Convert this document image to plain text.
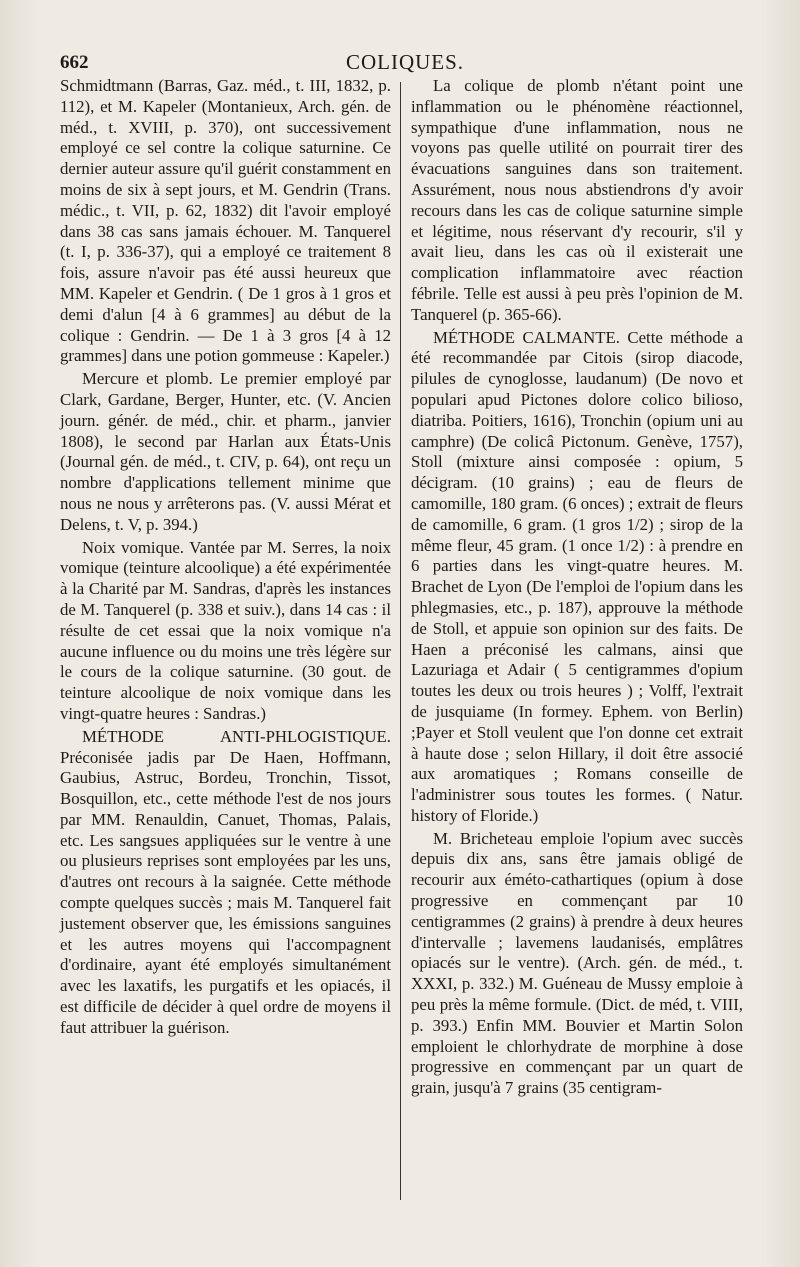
662	COLIQUES.

Schmidtmann (Barras, Gaz. méd., t. III, 1832, p. 112), et M. Kapeler (Montanieux, Arch. gén. de méd., t. XVIII, p. 370), ont successivement employé ce sel contre la colique saturnine. Ce dernier auteur assure qu'il guérit constamment en moins de six à sept jours, et M. Gendrin (Trans. médic., t. VII, p. 62, 1832) dit l'avoir employé dans 38 cas sans jamais échouer. M. Tanquerel (t. I, p. 336-37), qui a employé ce traitement 8 fois, assure n'avoir pas été aussi heureux que MM. Kapeler et Gendrin. ( De 1 gros à 1 gros et demi d'alun [4 à 6 grammes] au début de la colique : Gendrin. — De 1 à 3 gros [4 à 12 grammes] dans une potion gommeuse : Kapeler.)

Mercure et plomb. Le premier employé par Clark, Gardane, Berger, Hunter, etc. (V. Ancien journ. génér. de méd., chir. et pharm., janvier 1808), le second par Harlan aux États-Unis (Journal gén. de méd., t. CIV, p. 64), ont reçu un nombre d'applications tellement minime que nous ne nous y arrêterons pas. (V. aussi Mérat et Delens, t. V, p. 394.)

Noix vomique. Vantée par M. Serres, la noix vomique (teinture alcoolique) a été expérimentée à la Charité par M. Sandras, d'après les instances de M. Tanquerel (p. 338 et suiv.), dans 14 cas : il résulte de cet essai que la noix vomique n'a aucune influence ou du moins une très légère sur le cours de la colique saturnine. (30 gout. de teinture alcoolique de noix vomique dans les vingt-quatre heures : Sandras.)

MÉTHODE ANTI-PHLOGISTIQUE. Préconisée jadis par De Haen, Hoffmann, Gaubius, Astruc, Bordeu, Tronchin, Tissot, Bosquillon, etc., cette méthode l'est de nos jours par MM. Renauldin, Canuet, Thomas, Palais, etc. Les sangsues appliquées sur le ventre à une ou plusieurs reprises sont employées par les uns, d'autres ont recours à la saignée. Cette méthode compte quelques succès ; mais M. Tanquerel fait justement observer que, les émissions sanguines et les autres moyens qui l'accompagnent d'ordinaire, ayant été employés simultanément avec les laxatifs, les purgatifs et les opiacés, il est difficile de décider à quel ordre de moyens il faut attribuer la guérison.

La colique de plomb n'étant point une inflammation ou le phénomène réactionnel, sympathique d'une inflammation, nous ne voyons pas quelle utilité on pourrait tirer des évacuations sanguines dans son traitement. Assurément, nous nous abstiendrons d'y avoir recours dans les cas de colique saturnine simple et légitime, nous réservant d'y recourir, s'il y avait lieu, dans les cas où il existerait une complication inflammatoire avec réaction fébrile. Telle est aussi à peu près l'opinion de M. Tanquerel (p. 365-66).

MÉTHODE CALMANTE. Cette méthode a été recommandée par Citois (sirop diacode, pilules de cynoglosse, laudanum) (De novo et populari apud Pictones dolore colico bilioso, diatriba. Poitiers, 1616), Tronchin (opium uni au camphre) (De colicâ Pictonum. Genève, 1757), Stoll (mixture ainsi composée : opium, 5 décigram. (10 grains) ; eau de fleurs de camomille, 180 gram. (6 onces) ; extrait de fleurs de camomille, 6 gram. (1 gros 1/2) ; sirop de la même fleur, 45 gram. (1 once 1/2) : à prendre en 6 parties dans les vingt-quatre heures. M. Brachet de Lyon (De l'emploi de l'opium dans les phlegmasies, etc., p. 187), approuve la méthode de Stoll, et appuie son opinion sur des faits. De Haen a préconisé les calmans, ainsi que Lazuriaga et Adair ( 5 centigrammes d'opium toutes les deux ou trois heures ) ; Volff, l'extrait de jusquiame (In formey. Ephem. von Berlin) ;Payer et Stoll veulent que l'on donne cet extrait à haute dose ; selon Hillary, il doit être associé aux aromatiques ; Romans conseille de l'administrer sous toutes les formes. ( Natur. history of Floride.)

M. Bricheteau emploie l'opium avec succès depuis dix ans, sans être jamais obligé de recourir aux éméto-cathartiques (opium à dose progressive en commençant par 10 centigrammes (2 grains) à prendre à deux heures d'intervalle ; lavemens laudanisés, emplâtres opiacés sur le ventre). (Arch. gén. de méd., t. XXXI, p. 332.) M. Guéneau de Mussy emploie à peu près la même formule. (Dict. de méd, t. VIII, p. 393.) Enfin MM. Bouvier et Martin Solon emploient le chlorhydrate de morphine à dose progressive en commençant par un quart de grain, jusqu'à 7 grains (35 centigram-
